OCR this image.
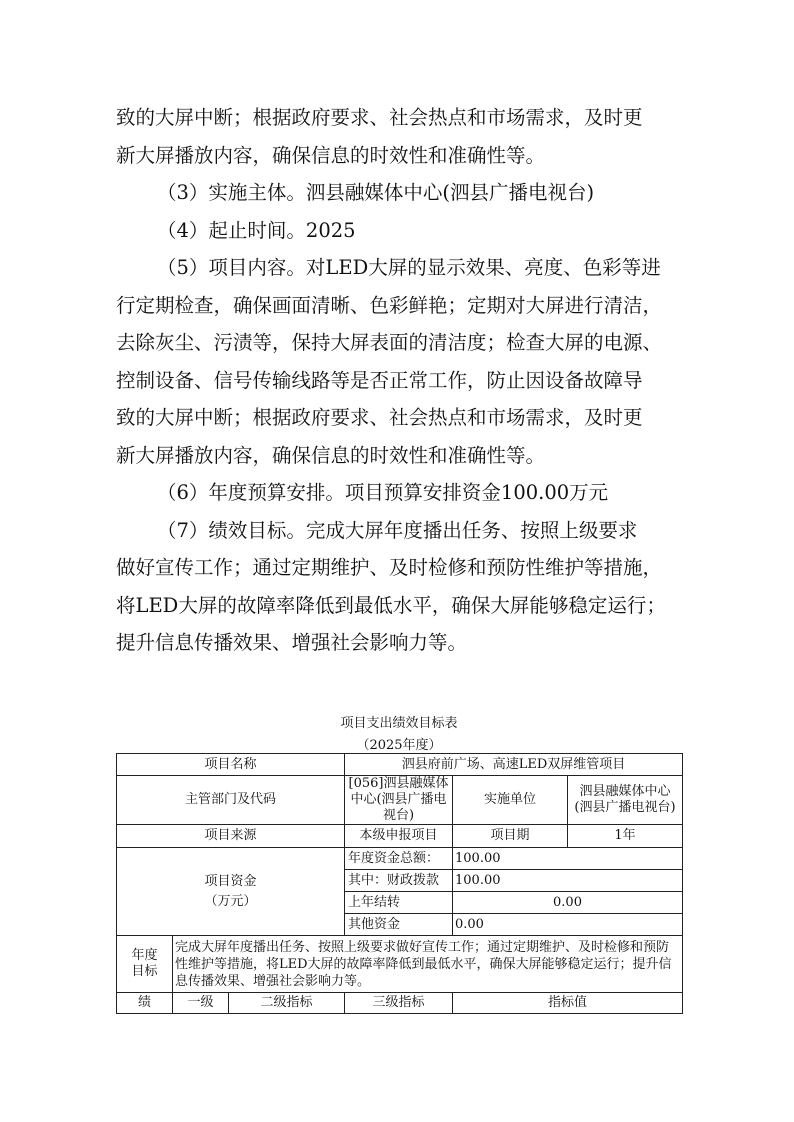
致的大屏中断；根据政府要求、社会热点和市场需求，及时更
新大屏播放内容，确保信息的时效性和准确性等。
（3）实施主体。泗县融媒体中心(泗县广播电视台)
（4）起止时间。2025
（5）项目内容。对LED大屏的显示效果、亮度、色彩等进
行定期检查，确保画面清晰、色彩鲜艳；定期对大屏进行清洁，
去除灰尘、污渍等，保持大屏表面的清洁度；检查大屏的电源、
控制设备、信号传输线路等是否正常工作，防止因设备故障导
致的大屏中断；根据政府要求、社会热点和市场需求，及时更
新大屏播放内容，确保信息的时效性和准确性等。
（6）年度预算安排。项目预算安排资金100.00万元
（7）绩效目标。完成大屏年度播出任务、按照上级要求
做好宣传工作；通过定期维护、及时检修和预防性维护等措施，
将LED大屏的故障率降低到最低水平，确保大屏能够稳定运行；
提升信息传播效果、增强社会影响力等。
项目支出绩效目标表
（2025年度）
项目名称			泗县府前广场、高速LED双屏维管项目		
主管部门及代码			[056]泗县融媒体中心(泗县广播电视台)	实施单位	泗县融媒体中心(泗县广播电视台)
项目来源			本级申报项目	项目期	1年

项目资金
（万元）			年度资金总额：	100.00	
			其中：财政拨款	100.00	
			上年结转	0.00	
			其他资金	0.00	

年度
目标	完成大屏年度播出任务、按照上级要求做好宣传工作；通过定期维护、及时检修和预防性维护等措施，将LED大屏的故障率降低到最低水平，确保大屏能够稳定运行；提升信息传播效果、增强社会影响力等。				
绩	一级	二级指标	三级指标	指标值	
